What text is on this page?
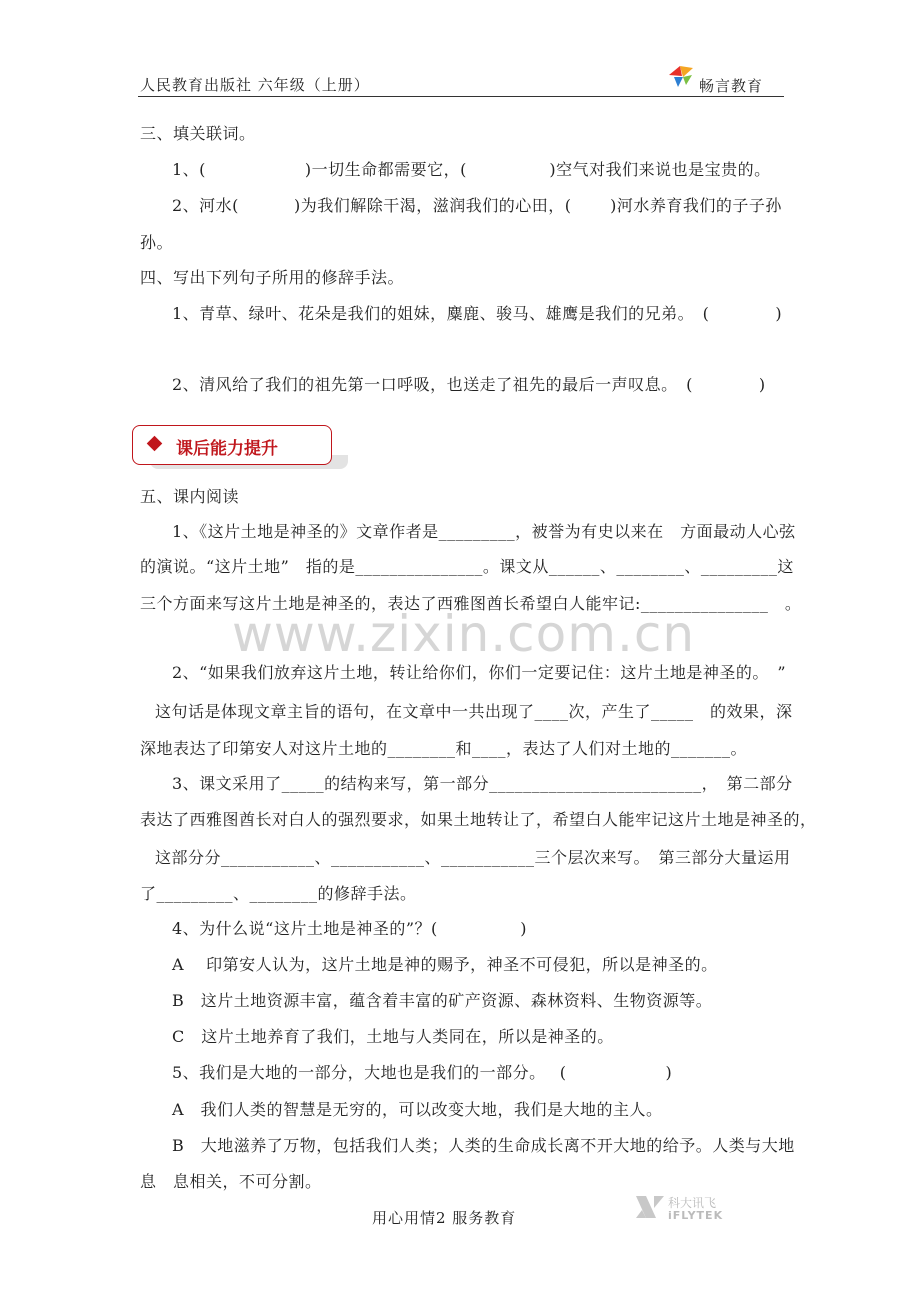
人民教育出版社 六年级（上册）	畅言教育
三、填关联词。
1、(　　　　　　)一切生命都需要它，(　　　　　)空气对我们来说也是宝贵的。
2、河水(　　　 )为我们解除干渴，滋润我们的心田，(　　 )河水养育我们的子子孙
孙。
四、写出下列句子所用的修辞手法。
1、青草、绿叶、花朵是我们的姐妹，麋鹿、骏马、雄鹰是我们的兄弟。　(　　　　)
2、清风给了我们的祖先第一口呼吸，也送走了祖先的最后一声叹息。　(　　　　)
课后能力提升
五、课内阅读
1、《这片土地是神圣的》文章作者是_________，被誉为有史以来在　方面最动人心弦
的演说。“这片土地”　指的是_______________。课文从______、________、_________这
三个方面来写这片土地是神圣的，表达了西雅图酋长希望白人能牢记:_______________　。
www.zixin.com.cn
2、“如果我们放弃这片土地，转让给你们，你们一定要记住：这片土地是神圣的。　”
这句话是体现文章主旨的语句，在文章中一共出现了____次，产生了_____　的效果，深
深地表达了印第安人对这片土地的________和____，表达了人们对土地的_______。
3、课文采用了_____的结构来写，第一部分_________________________，　第二部分
表达了西雅图酋长对白人的强烈要求，如果土地转让了，希望白人能牢记这片土地是神圣的，
这部分分___________、___________、___________三个层次来写。　第三部分大量运用
了_________、________的修辞手法。
4、为什么说“这片土地是神圣的”？(　　　　　)
A　 印第安人认为，这片土地是神的赐予，神圣不可侵犯，所以是神圣的。
B　这片土地资源丰富，蕴含着丰富的矿产资源、森林资料、生物资源等。
C　这片土地养育了我们，土地与人类同在，所以是神圣的。
5、我们是大地的一部分，大地也是我们的一部分。　 (　　　　　　)
A　我们人类的智慧是无穷的，可以改变大地，我们是大地的主人。
B　大地滋养了万物，包括我们人类；人类的生命成长离不开大地的给予。人类与大地
息　息相关，不可分割。
用心用情2 服务教育
科大讯飞
iFLYTEK
